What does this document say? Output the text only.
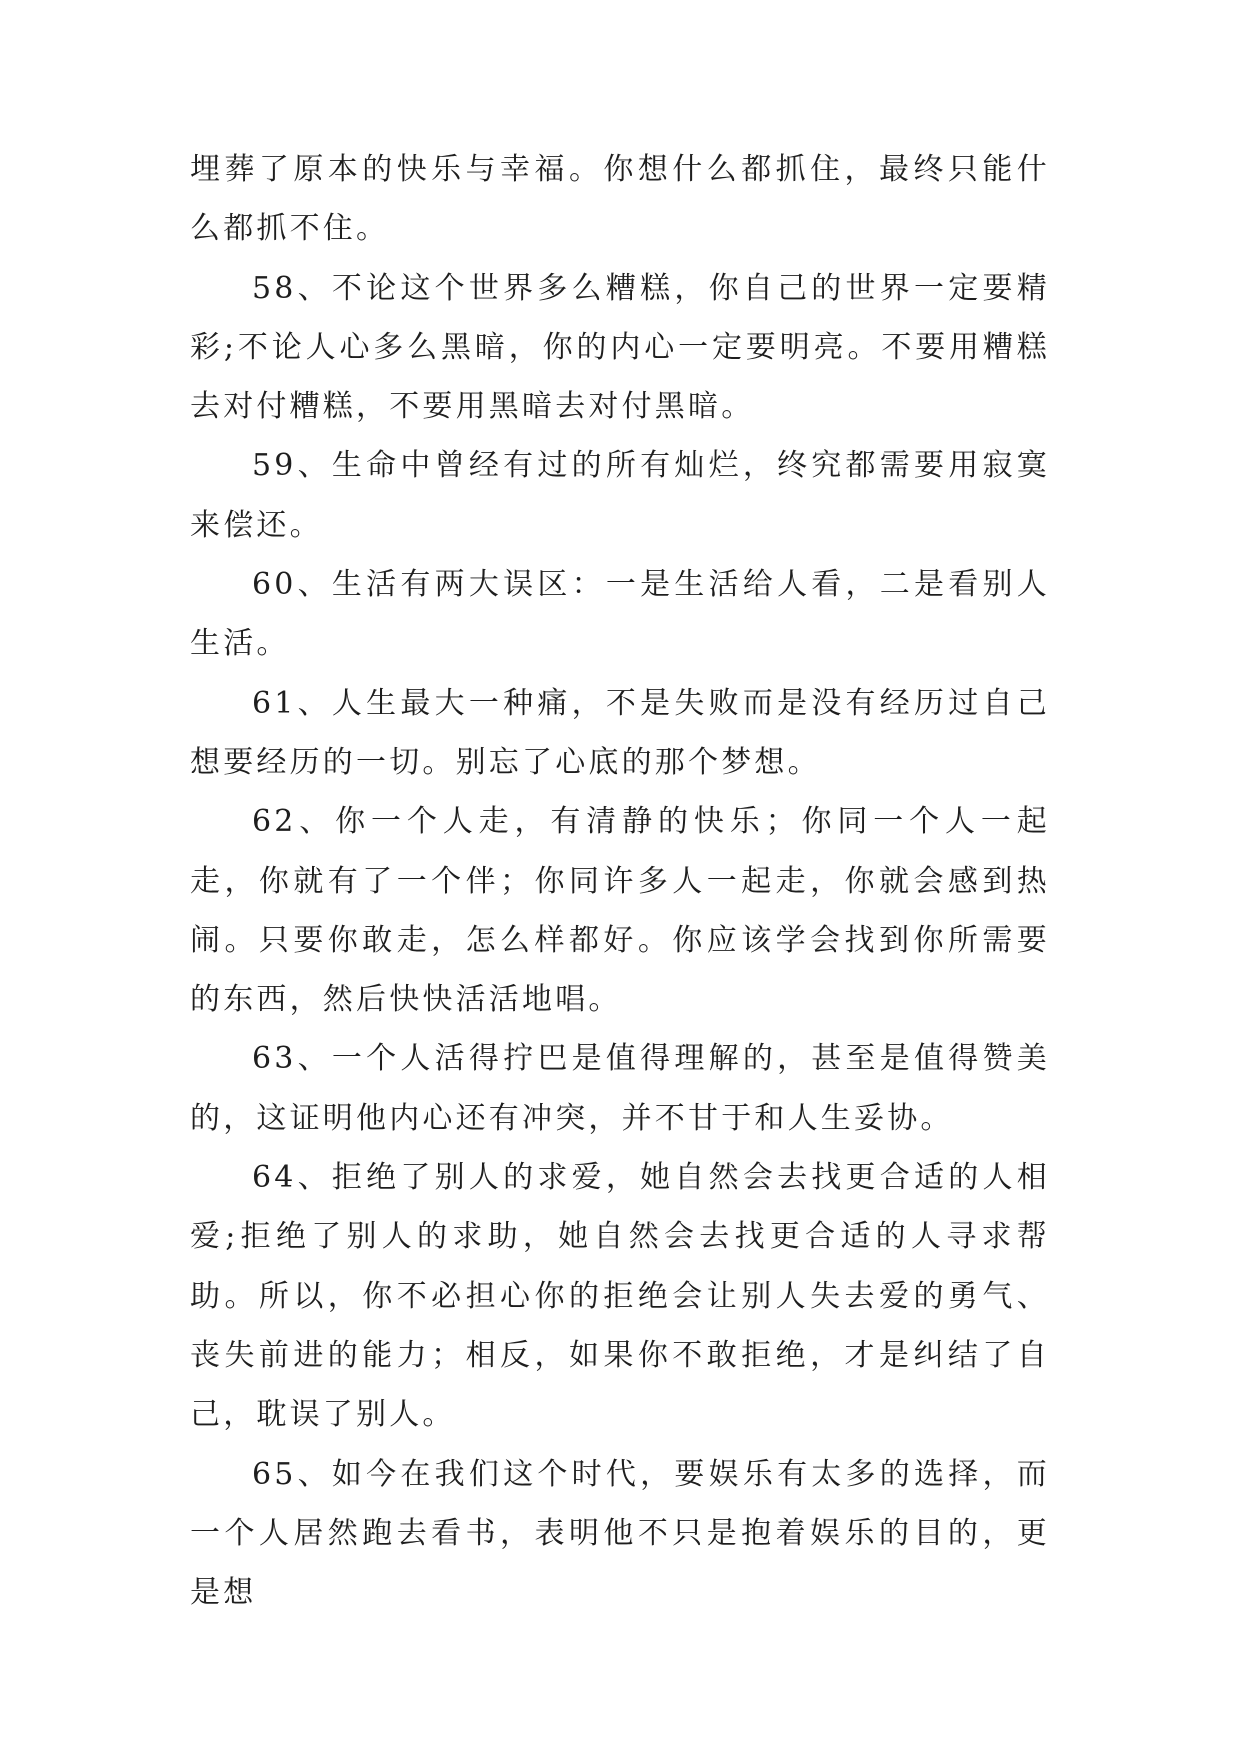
埋葬了原本的快乐与幸福。你想什么都抓住，最终只能什么都抓不住。

58、不论这个世界多么糟糕，你自己的世界一定要精彩;不论人心多么黑暗，你的内心一定要明亮。不要用糟糕去对付糟糕，不要用黑暗去对付黑暗。

59、生命中曾经有过的所有灿烂，终究都需要用寂寞来偿还。

60、生活有两大误区：一是生活给人看，二是看别人生活。

61、人生最大一种痛，不是失败而是没有经历过自己想要经历的一切。别忘了心底的那个梦想。

62、你一个人走，有清静的快乐；你同一个人一起走，你就有了一个伴；你同许多人一起走，你就会感到热闹。只要你敢走，怎么样都好。你应该学会找到你所需要的东西，然后快快活活地唱。

63、一个人活得拧巴是值得理解的，甚至是值得赞美的，这证明他内心还有冲突，并不甘于和人生妥协。

64、拒绝了别人的求爱，她自然会去找更合适的人相爱;拒绝了别人的求助，她自然会去找更合适的人寻求帮助。所以，你不必担心你的拒绝会让别人失去爱的勇气、丧失前进的能力；相反，如果你不敢拒绝，才是纠结了自己，耽误了别人。

65、如今在我们这个时代，要娱乐有太多的选择，而一个人居然跑去看书，表明他不只是抱着娱乐的目的，更是想
